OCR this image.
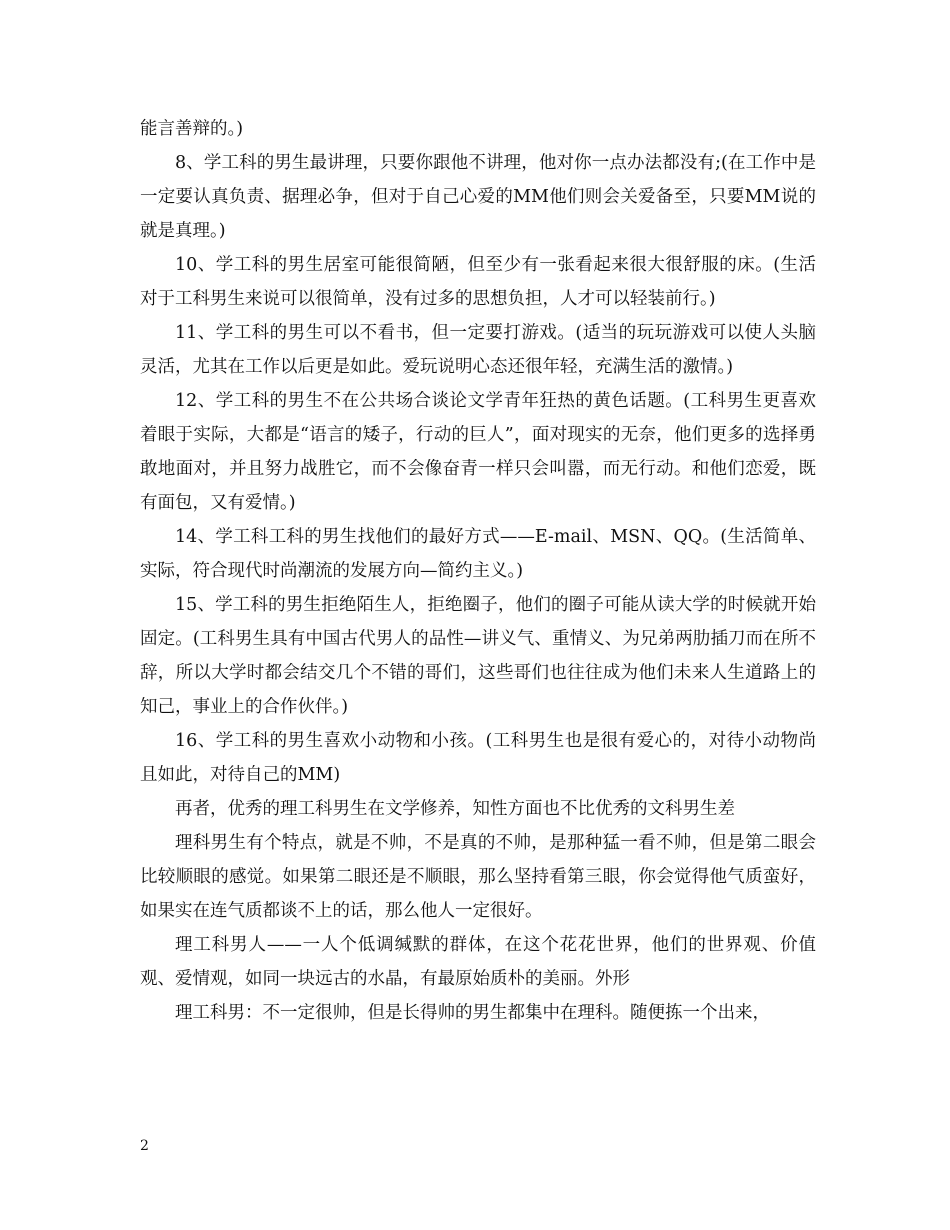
能言善辩的。)

8、学工科的男生最讲理，只要你跟他不讲理，他对你一点办法都没有;(在工作中是一定要认真负责、据理必争，但对于自己心爱的MM他们则会关爱备至，只要MM说的就是真理。)

10、学工科的男生居室可能很简陋，但至少有一张看起来很大很舒服的床。(生活对于工科男生来说可以很简单，没有过多的思想负担，人才可以轻装前行。)

11、学工科的男生可以不看书，但一定要打游戏。(适当的玩玩游戏可以使人头脑灵活，尤其在工作以后更是如此。爱玩说明心态还很年轻，充满生活的激情。)

12、学工科的男生不在公共场合谈论文学青年狂热的黄色话题。(工科男生更喜欢着眼于实际，大都是“语言的矮子，行动的巨人”，面对现实的无奈，他们更多的选择勇敢地面对，并且努力战胜它，而不会像奋青一样只会叫嚣，而无行动。和他们恋爱，既有面包，又有爱情。)

14、学工科工科的男生找他们的最好方式——E-mail、MSN、QQ。(生活简单、实际，符合现代时尚潮流的发展方向—简约主义。)

15、学工科的男生拒绝陌生人，拒绝圈子，他们的圈子可能从读大学的时候就开始固定。(工科男生具有中国古代男人的品性—讲义气、重情义、为兄弟两肋插刀而在所不辞，所以大学时都会结交几个不错的哥们，这些哥们也往往成为他们未来人生道路上的知己，事业上的合作伙伴。)

16、学工科的男生喜欢小动物和小孩。(工科男生也是很有爱心的，对待小动物尚且如此，对待自己的MM)

再者，优秀的理工科男生在文学修养，知性方面也不比优秀的文科男生差

理科男生有个特点，就是不帅，不是真的不帅，是那种猛一看不帅，但是第二眼会比较顺眼的感觉。如果第二眼还是不顺眼，那么坚持看第三眼，你会觉得他气质蛮好，如果实在连气质都谈不上的话，那么他人一定很好。

理工科男人——一人个低调缄默的群体，在这个花花世界，他们的世界观、价值观、爱情观，如同一块远古的水晶，有最原始质朴的美丽。外形

理工科男：不一定很帅，但是长得帅的男生都集中在理科。随便拣一个出来，

2
